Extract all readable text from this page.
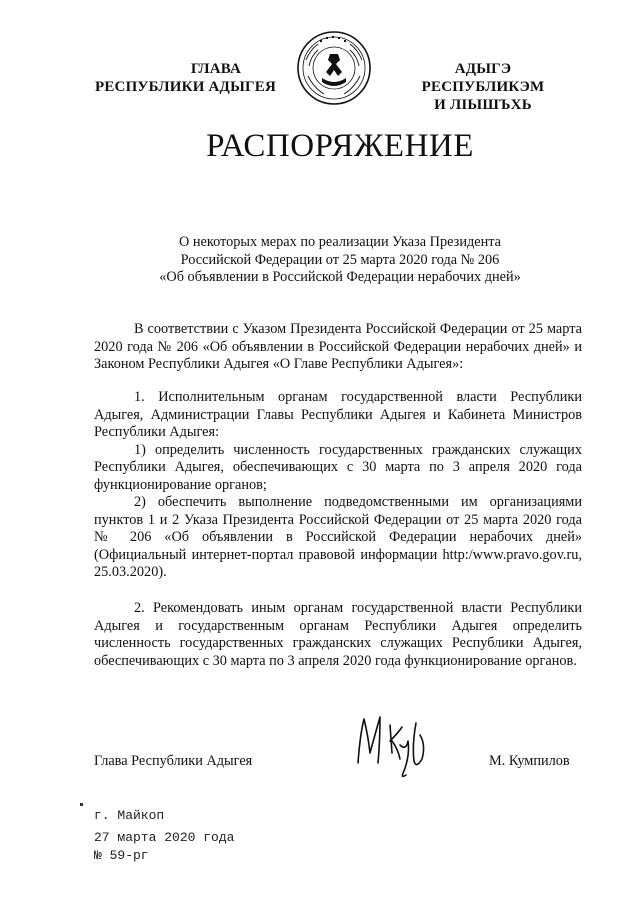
ГЛАВА
РЕСПУБЛИКИ АДЫГЕЯ
АДЫГЭ РЕСПУБЛИКЭМ
И ЛІЫШЪХЬ
РАСПОРЯЖЕНИЕ
О некоторых мерах по реализации Указа Президента
Российской Федерации от 25 марта 2020 года № 206
«Об объявлении в Российской Федерации нерабочих дней»

В соответствии с Указом Президента Российской Федерации от 25 марта 2020 года № 206 «Об объявлении в Российской Федерации нерабочих дней» и Законом Республики Адыгея «О Главе Республики Адыгея»:

1. Исполнительным органам государственной власти Республики Адыгея, Администрации Главы Республики Адыгея и Кабинета Министров Республики Адыгея:

1) определить численность государственных гражданских служащих Республики Адыгея, обеспечивающих с 30 марта по 3 апреля 2020 года функционирование органов;

2) обеспечить выполнение подведомственными им организациями пунктов 1 и 2 Указа Президента Российской Федерации от 25 марта 2020 года № 206 «Об объявлении в Российской Федерации нерабочих дней» (Официальный интернет-портал правовой информации http:/www.pravo.gov.ru, 25.03.2020).

2. Рекомендовать иным органам государственной власти Республики Адыгея и государственным органам Республики Адыгея определить численность государственных гражданских служащих Республики Адыгея, обеспечивающих с 30 марта по 3 апреля 2020 года функционирование органов.

Глава Республики Адыгея	М. Кумпилов
г. Майкоп
27 марта 2020 года
№ 59-рг
